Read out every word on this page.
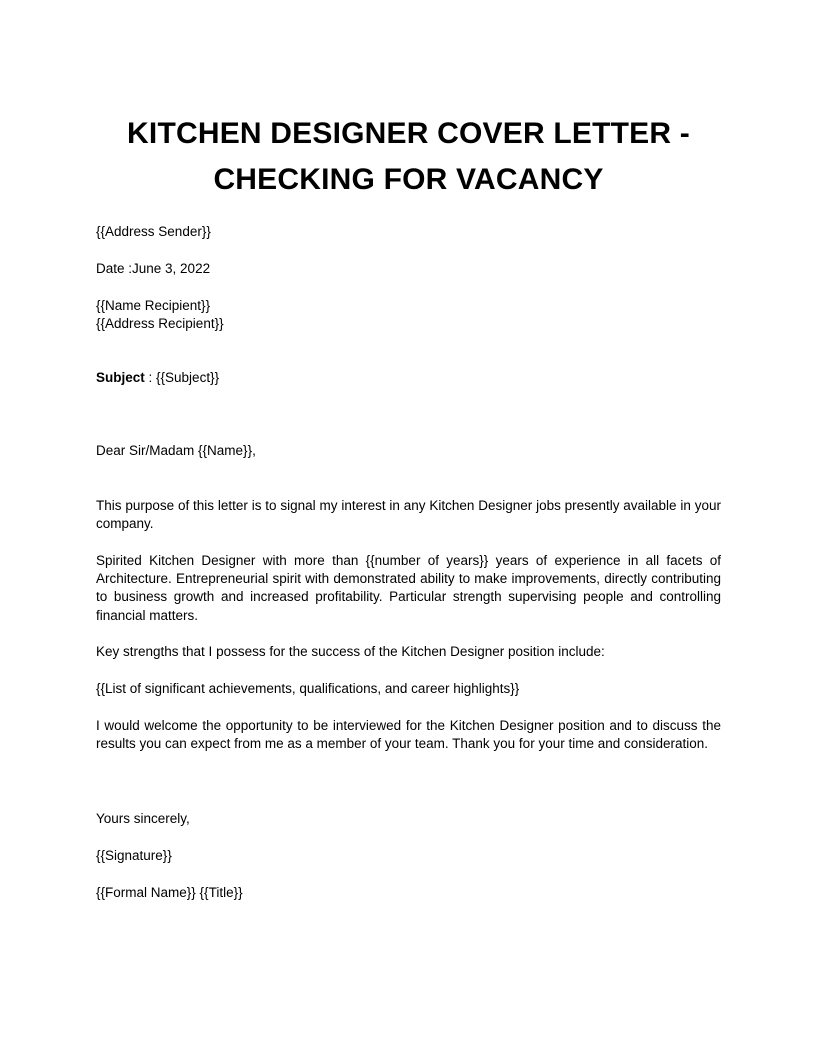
KITCHEN DESIGNER COVER LETTER -
CHECKING FOR VACANCY
{{Address Sender}}
Date :June 3, 2022
{{Name Recipient}}
{{Address Recipient}}
Subject : {{Subject}}
Dear Sir/Madam {{Name}},
This purpose of this letter is to signal my interest in any Kitchen Designer jobs presently available in your company.
Spirited Kitchen Designer with more than {{number of years}} years of experience in all facets of Architecture. Entrepreneurial spirit with demonstrated ability to make improvements, directly contributing to business growth and increased profitability. Particular strength supervising people and controlling financial matters.
Key strengths that I possess for the success of the Kitchen Designer position include:
{{List of significant achievements, qualifications, and career highlights}}
I would welcome the opportunity to be interviewed for the Kitchen Designer position and to discuss the results you can expect from me as a member of your team. Thank you for your time and consideration.
Yours sincerely,
{{Signature}}
{{Formal Name}} {{Title}}
